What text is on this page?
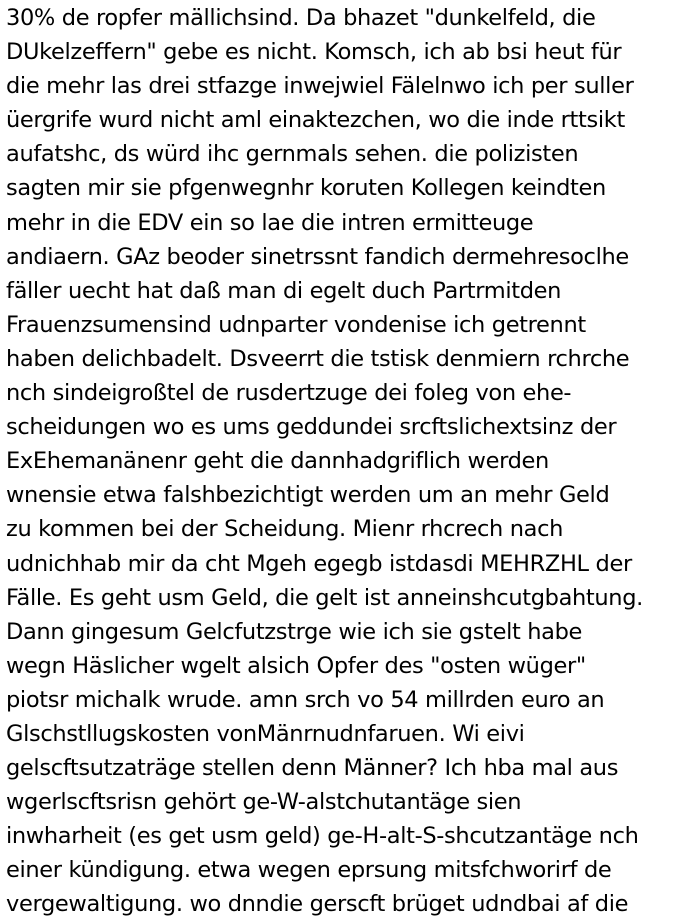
30% de ropfer mällichsind. Da bhazet "dunkelfeld, die
DUkelzeffern" gebe es nicht. Komsch, ich ab bsi heut für
die mehr las drei stfazge inwejwiel Fälelnwo ich per suller
üergrife wurd nicht aml einaktezchen, wo die inde rttsikt
aufatshc, ds würd ihc gernmals sehen. die polizisten
sagten mir sie pfgenwegnhr koruten Kollegen keindten
mehr in die EDV ein so lae die intren ermitteuge
andiaern. GAz beoder sinetrssnt fandich dermehresoclhe
fäller uecht hat daß man di egelt duch Partrmitden
Frauenzsumensind udnparter vondenise ich getrennt
haben delichbadelt. Dsveerrt die tstisk denmiern rchrche
nch sindeigroßtel de rusdertzuge dei foleg von ehe-
scheidungen wo es ums geddundei srcftslichextsinz der
ExEhemanänenr geht die dannhadgriflich werden
wnensie etwa falshbezichtigt werden um an mehr Geld
zu kommen bei der Scheidung. Mienr rhcrech nach
udnichhab mir da cht Mgeh egegb istdasdi MEHRZHL der
Fälle. Es geht usm Geld, die gelt ist anneinshcutgbahtung.
Dann gingesum Gelcfutzstrge wie ich sie gstelt habe
wegn Häslicher wgelt alsich Opfer des "osten wüger"
piotsr michalk wrude. amn srch vo 54 millrden euro an
Glschstllugskosten vonMänrnudnfaruen. Wi eivi
gelscftsutzaträge stellen denn Männer? Ich hba mal aus
wgerlscftsrisn gehört ge-W-alstchutantäge sien
inwharheit (es get usm geld) ge-H-alt-S-shcutzantäge nch
einer kündigung. etwa wegen eprsung mitsfchworirf de
vergewaltigung. wo dnndie gerscft brüget udndbai af die
